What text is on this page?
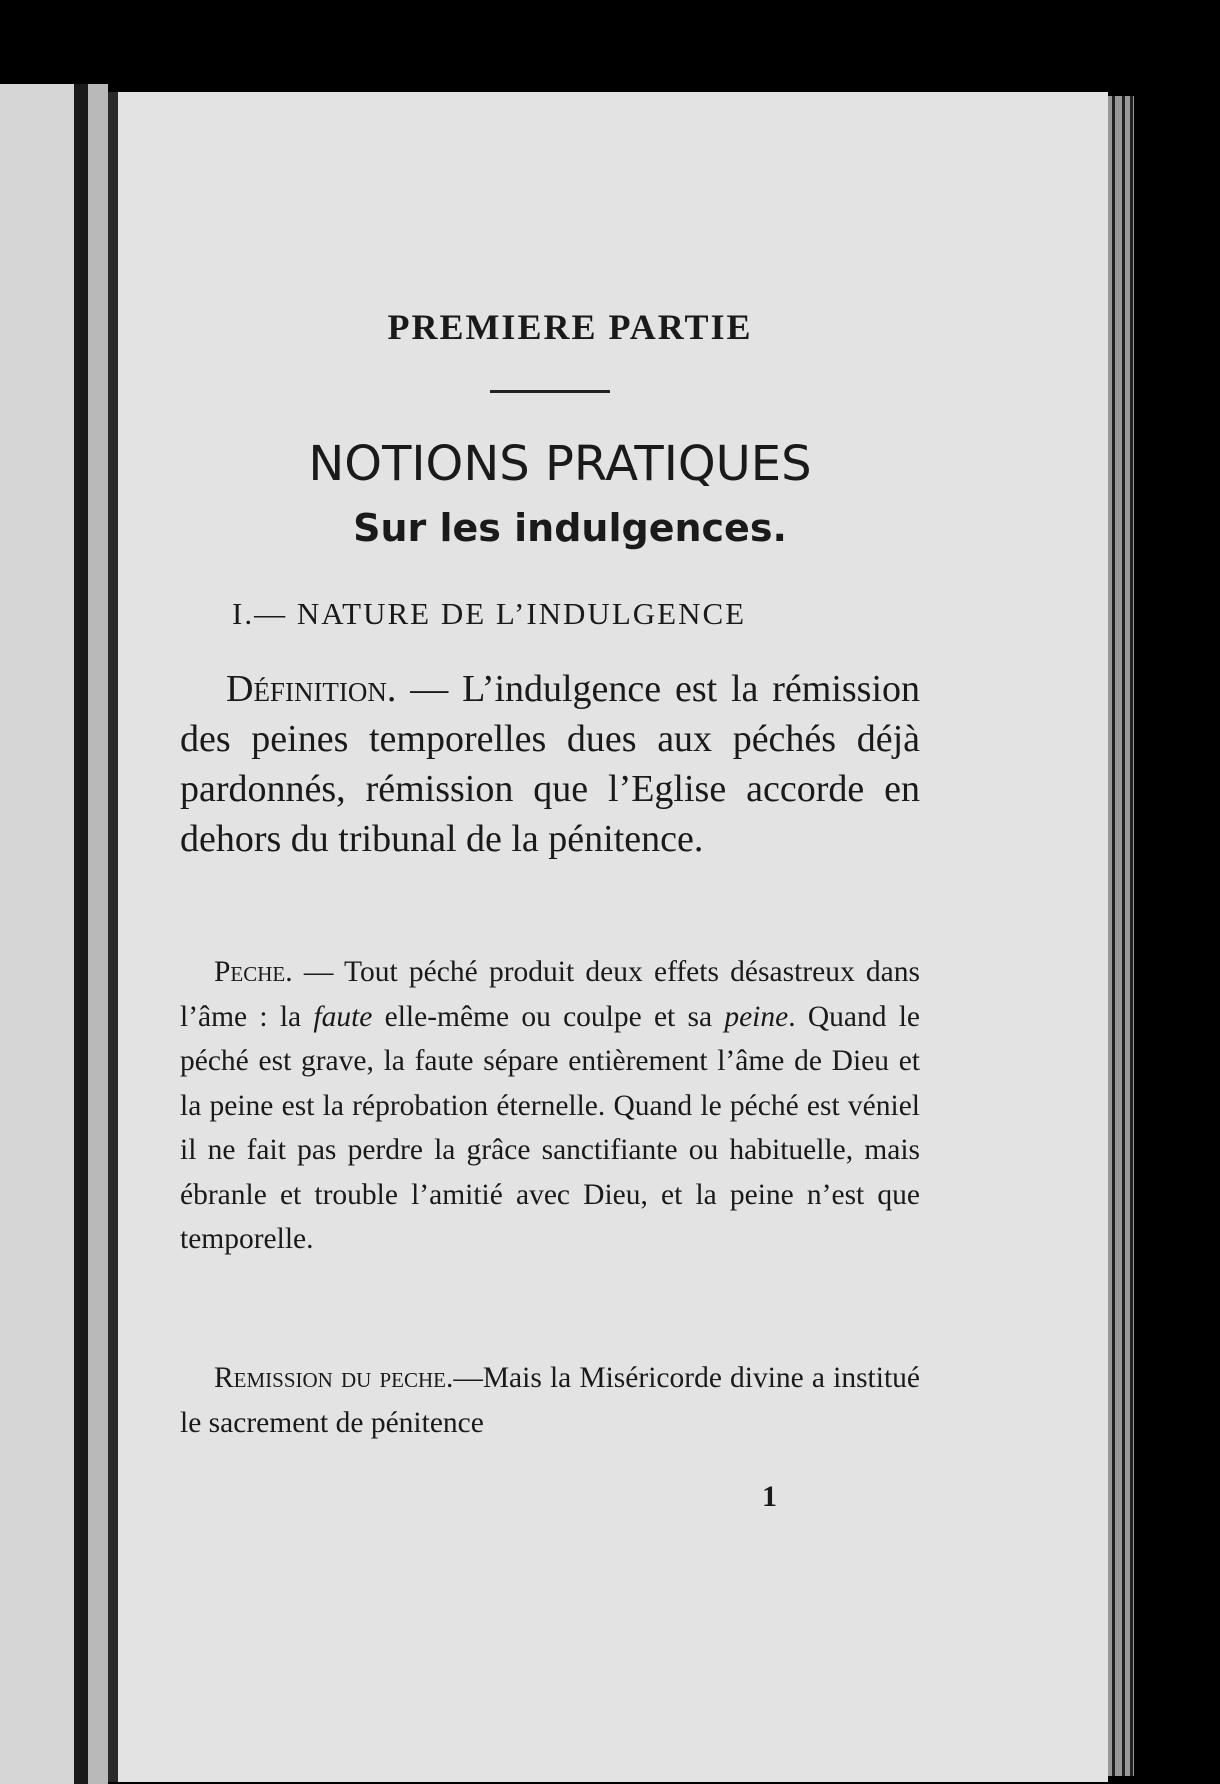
PREMIERE PARTIE
NOTIONS PRATIQUES
Sur les indulgences.
I.— NATURE DE L’INDULGENCE
Définition. — L’indulgence est la rémission des peines temporelles dues aux péchés déjà pardonnés, rémission que l’Eglise accorde en dehors du tribunal de la pénitence.
Peche. — Tout péché produit deux effets désastreux dans l’âme : la faute elle-même ou coulpe et sa peine. Quand le péché est grave, la faute sépare entièrement l’âme de Dieu et la peine est la réprobation éternelle. Quand le péché est véniel il ne fait pas perdre la grâce sanctifiante ou habituelle, mais ébranle et trouble l’amitié avec Dieu, et la peine n’est que temporelle.
Remission du peche.—Mais la Miséricorde divine a institué le sacrement de pénitence
1
